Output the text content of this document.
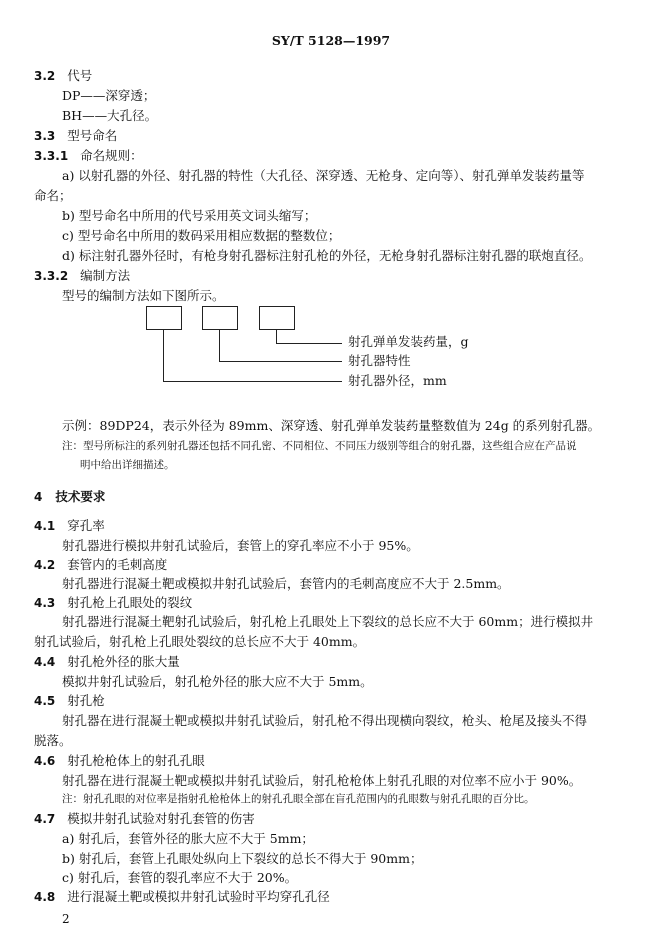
SY/T 5128—1997
3.2 代号
DP——深穿透；
BH——大孔径。
3.3 型号命名
3.3.1 命名规则：
a) 以射孔器的外径、射孔器的特性（大孔径、深穿透、无枪身、定向等）、射孔弹单发装药量等
命名；
b) 型号命名中所用的代号采用英文词头缩写；
c) 型号命名中所用的数码采用相应数据的整数位；
d) 标注射孔器外径时，有枪身射孔器标注射孔枪的外径，无枪身射孔器标注射孔器的联炮直径。
3.3.2 编制方法
型号的编制方法如下图所示。
射孔弹单发装药量，g
射孔器特性
射孔器外径，mm
示例：89DP24，表示外径为 89mm、深穿透、射孔弹单发装药量整数值为 24g 的系列射孔器。
注：型号所标注的系列射孔器还包括不同孔密、不同相位、不同压力级别等组合的射孔器，这些组合应在产品说
明中给出详细描述。
4 技术要求
4.1 穿孔率
射孔器进行模拟井射孔试验后，套管上的穿孔率应不小于 95%。
4.2 套管内的毛刺高度
射孔器进行混凝土靶或模拟井射孔试验后，套管内的毛刺高度应不大于 2.5mm。
4.3 射孔枪上孔眼处的裂纹
射孔器进行混凝土靶射孔试验后，射孔枪上孔眼处上下裂纹的总长应不大于 60mm；进行模拟井
射孔试验后，射孔枪上孔眼处裂纹的总长应不大于 40mm。
4.4 射孔枪外径的胀大量
模拟井射孔试验后，射孔枪外径的胀大应不大于 5mm。
4.5 射孔枪
射孔器在进行混凝土靶或模拟井射孔试验后，射孔枪不得出现横向裂纹，枪头、枪尾及接头不得
脱落。
4.6 射孔枪枪体上的射孔孔眼
射孔器在进行混凝土靶或模拟井射孔试验后，射孔枪枪体上射孔孔眼的对位率不应小于 90%。
注：射孔孔眼的对位率是指射孔枪枪体上的射孔孔眼全部在盲孔范围内的孔眼数与射孔孔眼的百分比。
4.7 模拟井射孔试验对射孔套管的伤害
a) 射孔后，套管外径的胀大应不大于 5mm；
b) 射孔后，套管上孔眼处纵向上下裂纹的总长不得大于 90mm；
c) 射孔后，套管的裂孔率应不大于 20%。
4.8 进行混凝土靶或模拟井射孔试验时平均穿孔孔径
2
